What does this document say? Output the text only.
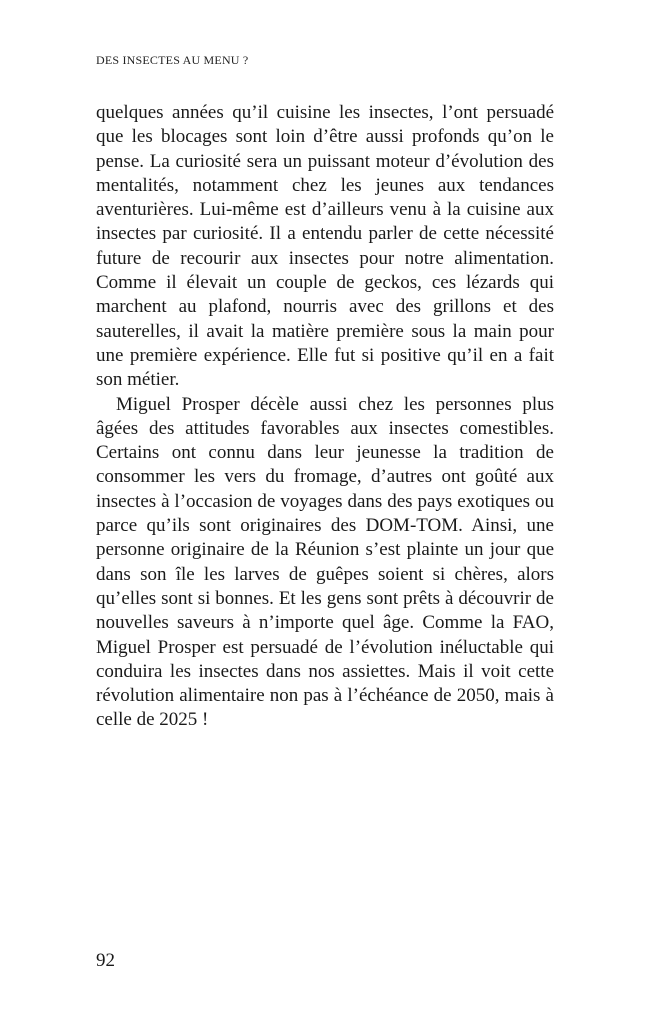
DES INSECTES AU MENU ?

quelques années qu’il cuisine les insectes, l’ont persuadé que les blocages sont loin d’être aussi profonds qu’on le pense. La curiosité sera un puissant moteur d’évolution des mentalités, notamment chez les jeunes aux tendances aventurières. Lui-même est d’ailleurs venu à la cuisine aux insectes par curiosité. Il a entendu parler de cette nécessité future de recourir aux insectes pour notre alimentation. Comme il élevait un couple de geckos, ces lézards qui marchent au plafond, nourris avec des grillons et des sauterelles, il avait la matière première sous la main pour une première expérience. Elle fut si positive qu’il en a fait son métier.

Miguel Prosper décèle aussi chez les personnes plus âgées des attitudes favorables aux insectes comestibles. Certains ont connu dans leur jeunesse la tradition de consommer les vers du fromage, d’autres ont goûté aux insectes à l’occasion de voyages dans des pays exotiques ou parce qu’ils sont originaires des DOM-TOM. Ainsi, une personne originaire de la Réunion s’est plainte un jour que dans son île les larves de guêpes soient si chères, alors qu’elles sont si bonnes. Et les gens sont prêts à découvrir de nouvelles saveurs à n’importe quel âge. Comme la FAO, Miguel Prosper est persuadé de l’évolution inéluctable qui conduira les insectes dans nos assiettes. Mais il voit cette révolution alimentaire non pas à l’échéance de 2050, mais à celle de 2025 !

92
